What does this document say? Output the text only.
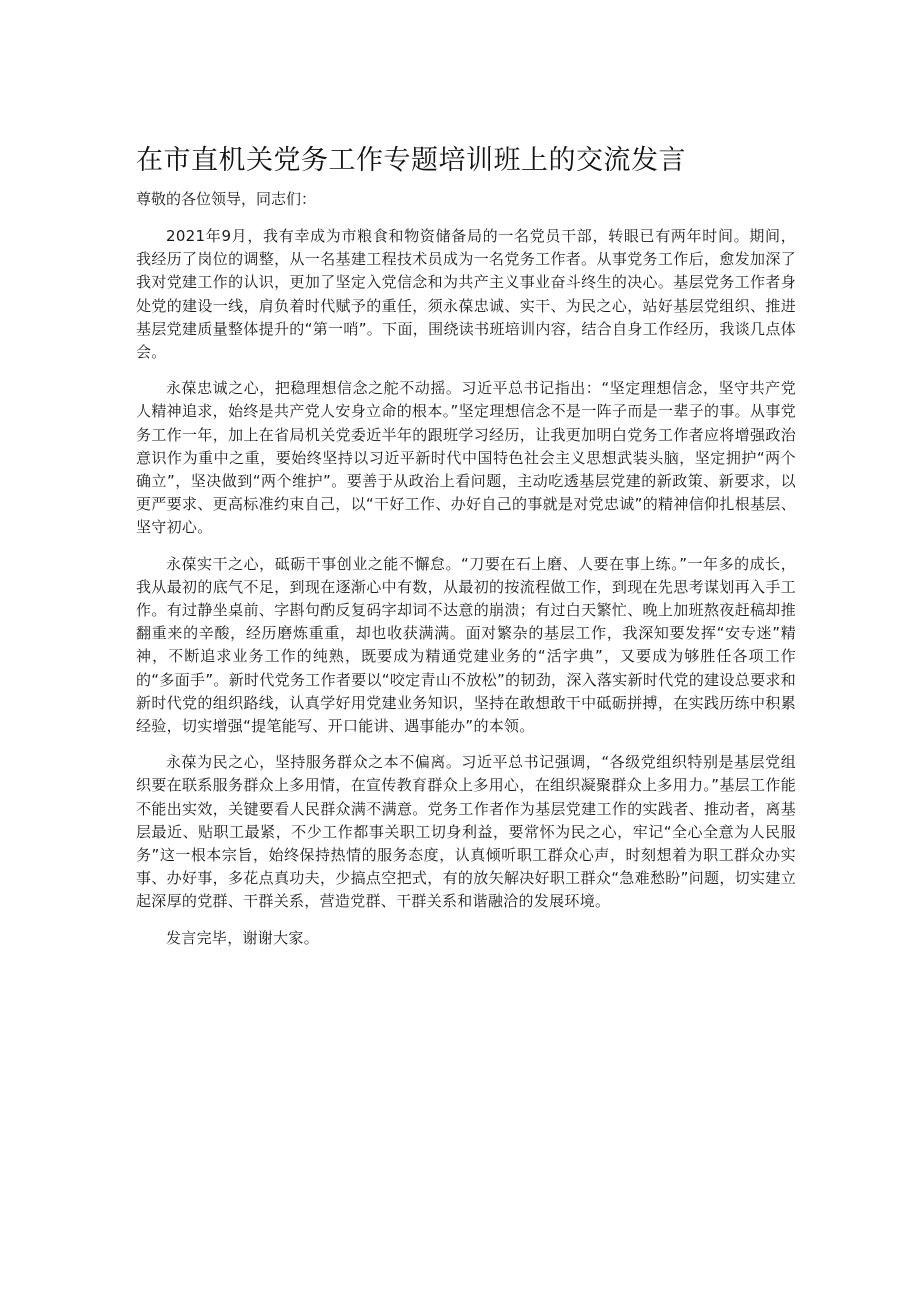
在市直机关党务工作专题培训班上的交流发言

尊敬的各位领导，同志们：

2021年9月，我有幸成为市粮食和物资储备局的一名党员干部，转眼已有两年时间。期间，我经历了岗位的调整，从一名基建工程技术员成为一名党务工作者。从事党务工作后，愈发加深了我对党建工作的认识，更加了坚定入党信念和为共产主义事业奋斗终生的决心。基层党务工作者身处党的建设一线，肩负着时代赋予的重任，须永葆忠诚、实干、为民之心，站好基层党组织、推进基层党建质量整体提升的“第一哨”。下面，围绕读书班培训内容，结合自身工作经历，我谈几点体会。

永葆忠诚之心，把稳理想信念之舵不动摇。习近平总书记指出：“坚定理想信念，坚守共产党人精神追求，始终是共产党人安身立命的根本。”坚定理想信念不是一阵子而是一辈子的事。从事党务工作一年，加上在省局机关党委近半年的跟班学习经历，让我更加明白党务工作者应将增强政治意识作为重中之重，要始终坚持以习近平新时代中国特色社会主义思想武装头脑，坚定拥护“两个确立”，坚决做到“两个维护”。要善于从政治上看问题，主动吃透基层党建的新政策、新要求，以更严要求、更高标准约束自己，以“干好工作、办好自己的事就是对党忠诚”的精神信仰扎根基层、坚守初心。

永葆实干之心，砥砺干事创业之能不懈怠。“刀要在石上磨、人要在事上练。”一年多的成长，我从最初的底气不足，到现在逐渐心中有数，从最初的按流程做工作，到现在先思考谋划再入手工作。有过静坐桌前、字斟句酌反复码字却词不达意的崩溃；有过白天繁忙、晚上加班熬夜赶稿却推翻重来的辛酸，经历磨炼重重，却也收获满满。面对繁杂的基层工作，我深知要发挥“安专迷”精神，不断追求业务工作的纯熟，既要成为精通党建业务的“活字典”，又要成为够胜任各项工作的“多面手”。新时代党务工作者要以“咬定青山不放松”的韧劲，深入落实新时代党的建设总要求和新时代党的组织路线，认真学好用党建业务知识，坚持在敢想敢干中砥砺拼搏，在实践历练中积累经验，切实增强“提笔能写、开口能讲、遇事能办”的本领。

永葆为民之心，坚持服务群众之本不偏离。习近平总书记强调，“各级党组织特别是基层党组织要在联系服务群众上多用情，在宣传教育群众上多用心，在组织凝聚群众上多用力。”基层工作能不能出实效，关键要看人民群众满不满意。党务工作者作为基层党建工作的实践者、推动者，离基层最近、贴职工最紧，不少工作都事关职工切身利益，要常怀为民之心，牢记“全心全意为人民服务”这一根本宗旨，始终保持热情的服务态度，认真倾听职工群众心声，时刻想着为职工群众办实事、办好事，多花点真功夫，少搞点空把式，有的放矢解决好职工群众“急难愁盼”问题，切实建立起深厚的党群、干群关系，营造党群、干群关系和谐融洽的发展环境。

发言完毕，谢谢大家。
